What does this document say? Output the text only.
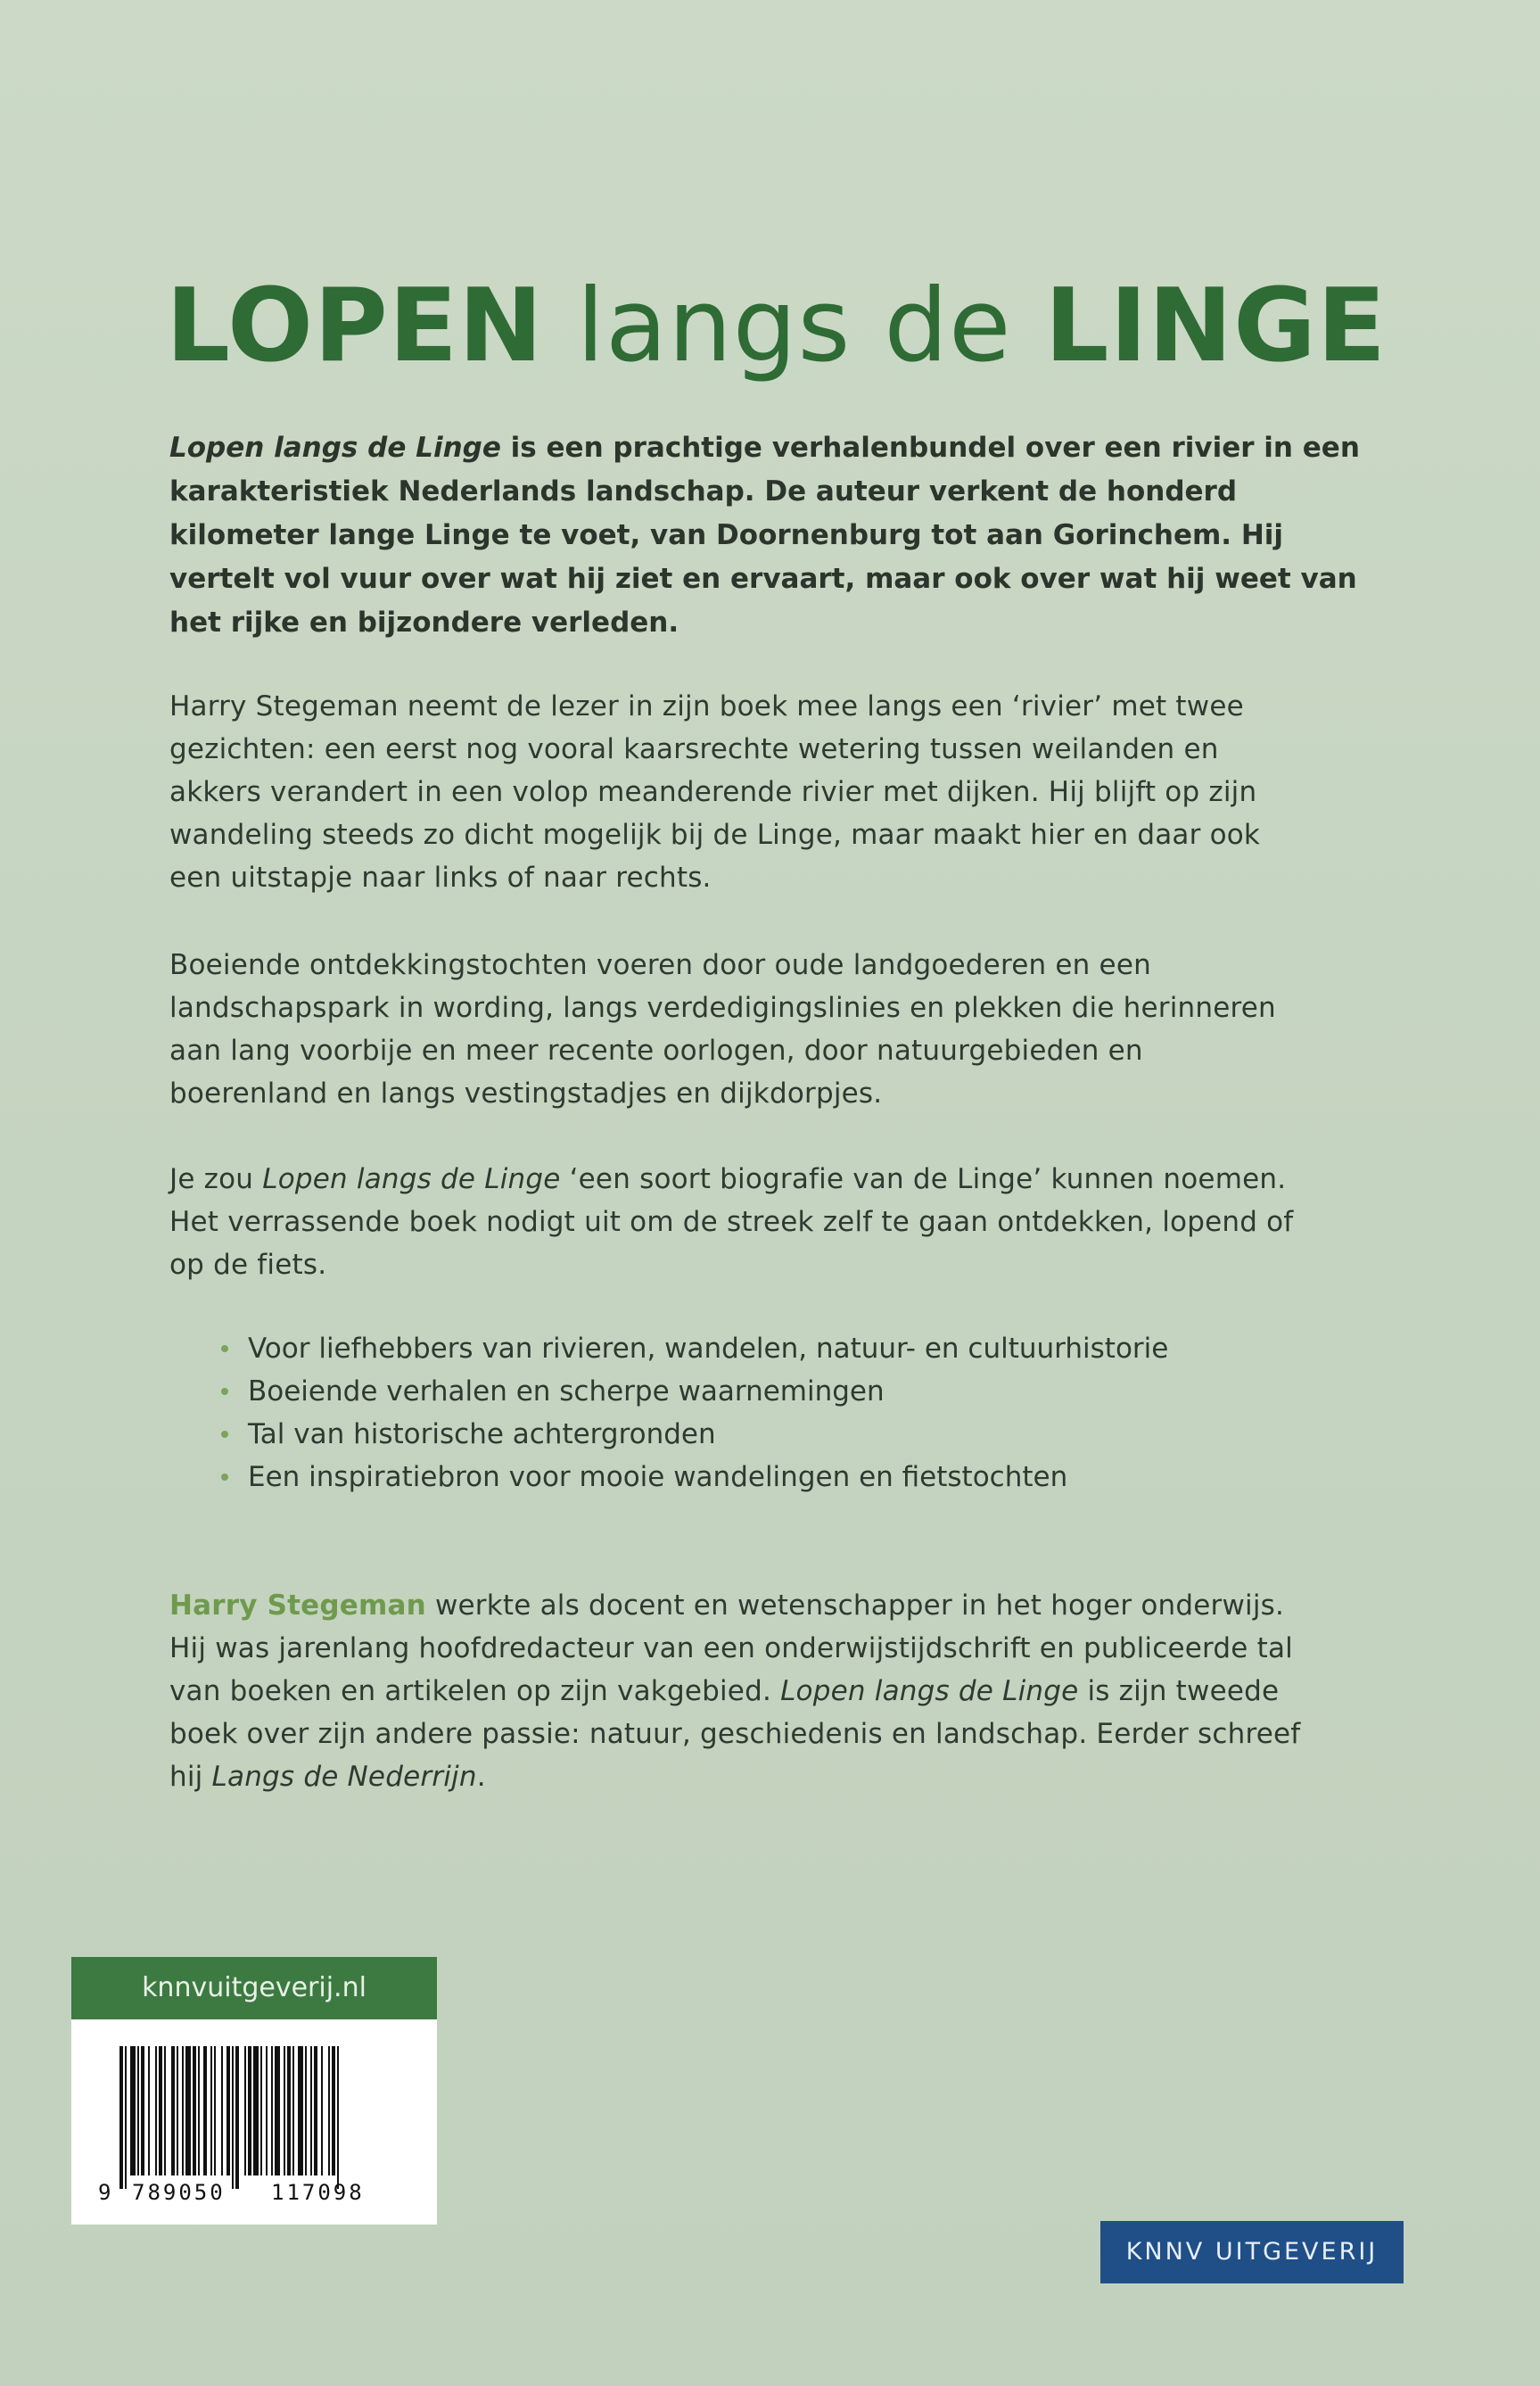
LOPEN langs de LINGE
Lopen langs de Linge is een prachtige verhalenbundel over een rivier in een karakteristiek Nederlands landschap. De auteur verkent de honderd kilometer lange Linge te voet, van Doornenburg tot aan Gorinchem. Hij vertelt vol vuur over wat hij ziet en ervaart, maar ook over wat hij weet van het rijke en bijzondere verleden.
Harry Stegeman neemt de lezer in zijn boek mee langs een ‘rivier’ met twee
gezichten: een eerst nog vooral kaarsrechte wetering tussen weilanden en
akkers verandert in een volop meanderende rivier met dijken. Hij blijft op zijn
wandeling steeds zo dicht mogelijk bij de Linge, maar maakt hier en daar ook
een uitstapje naar links of naar rechts.
Boeiende ontdekkingstochten voeren door oude landgoederen en een
landschapspark in wording, langs verdedigingslinies en plekken die herinneren
aan lang voorbije en meer recente oorlogen, door natuurgebieden en
boerenland en langs vestingstadjes en dijkdorpjes.
Je zou Lopen langs de Linge ‘een soort biografie van de Linge’ kunnen noemen.
Het verrassende boek nodigt uit om de streek zelf te gaan ontdekken, lopend of
op de fiets.
Voor liefhebbers van rivieren, wandelen, natuur- en cultuurhistorie
Boeiende verhalen en scherpe waarnemingen
Tal van historische achtergronden
Een inspiratiebron voor mooie wandelingen en fietstochten
Harry Stegeman werkte als docent en wetenschapper in het hoger onderwijs.
Hij was jarenlang hoofdredacteur van een onderwijstijdschrift en publiceerde tal
van boeken en artikelen op zijn vakgebied. Lopen langs de Linge is zijn tweede
boek over zijn andere passie: natuur, geschiedenis en landschap. Eerder schreef
hij Langs de Nederrijn.
knnvuitgeverij.nl
9 789050 117098
KNNV UITGEVERIJ
